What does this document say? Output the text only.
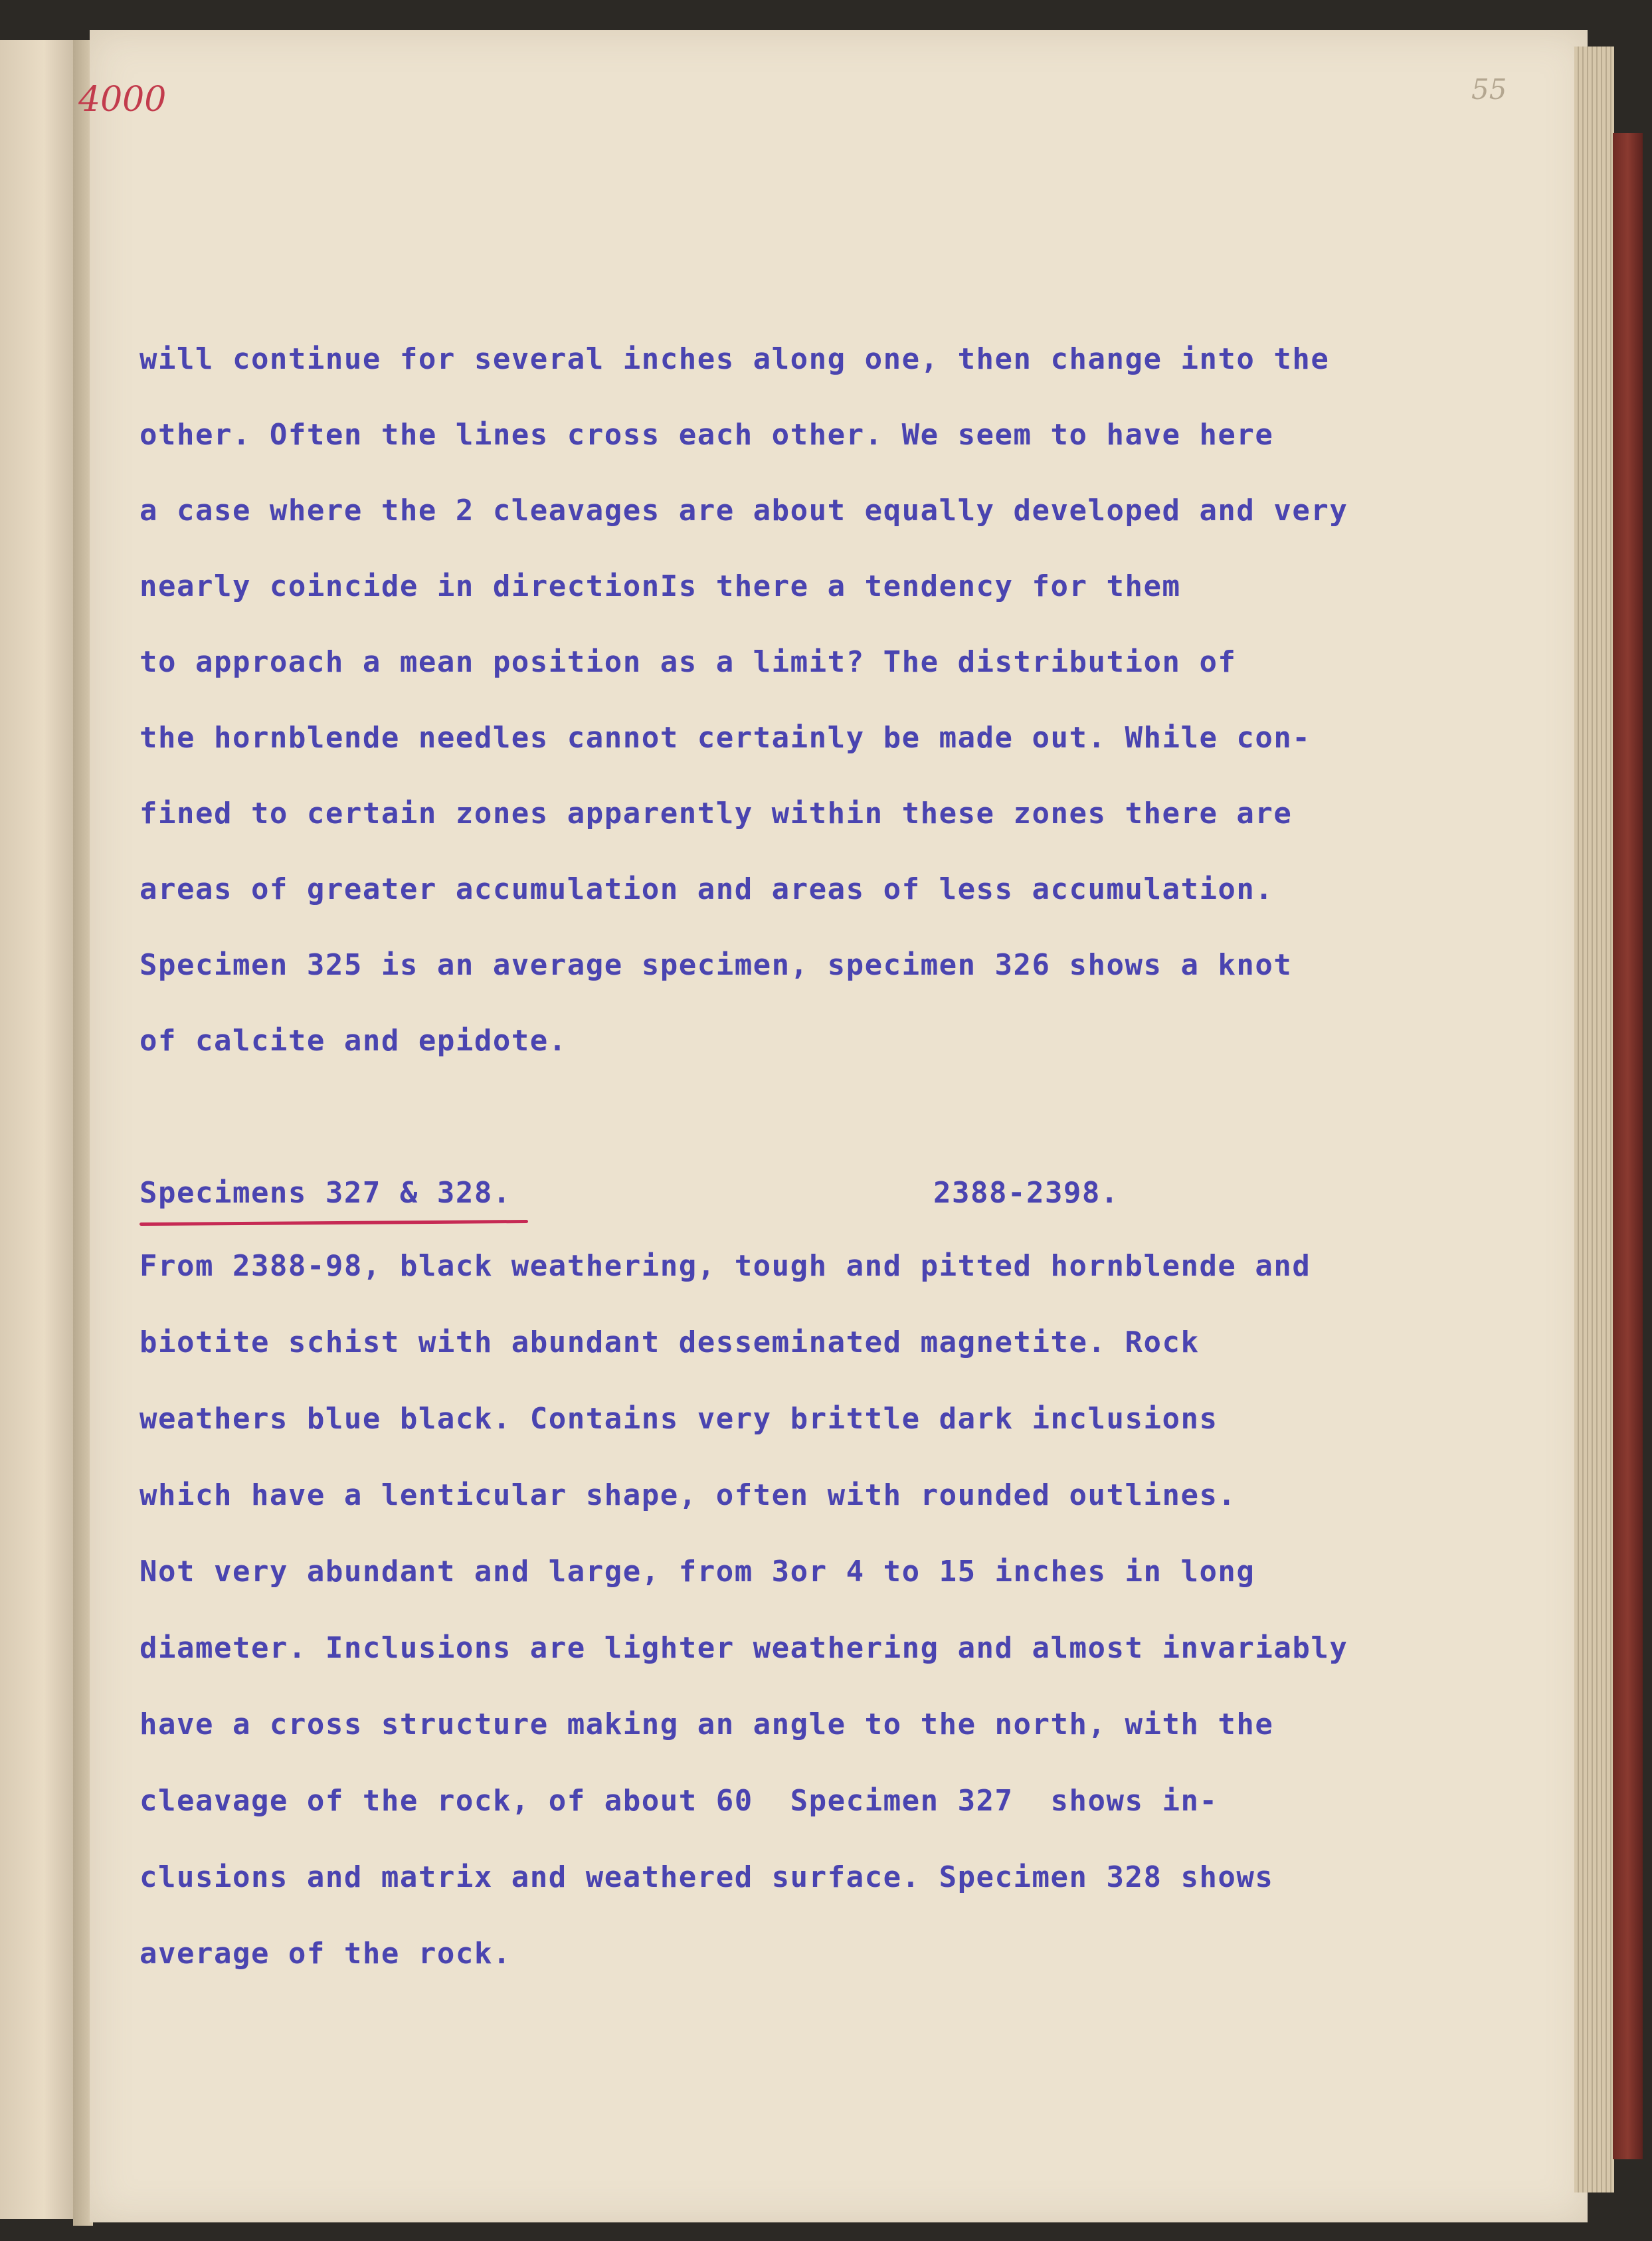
4000	55
will continue for several inches along one, then change into the
other. Often the lines cross each other. We seem to have here
a case where the 2 cleavages are about equally developed and very
nearly coincide in directionIs there a tendency for them
to approach a mean position as a limit? The distribution of
the hornblende needles cannot certainly be made out. While con-
fined to certain zones apparently within these zones there are
areas of greater accumulation and areas of less accumulation.
Specimen 325 is an average specimen, specimen 326 shows a knot
of calcite and epidote.
Specimens 327 & 328.	2388-2398.
From 2388-98, black weathering, tough and pitted hornblende and
biotite schist with abundant desseminated magnetite. Rock
weathers blue black. Contains very brittle dark inclusions
which have a lenticular shape, often with rounded outlines.
Not very abundant and large, from 3or 4 to 15 inches in long
diameter. Inclusions are lighter weathering and almost invariably
have a cross structure making an angle to the north, with the
cleavage of the rock, of about 60  Specimen 327  shows in-
clusions and matrix and weathered surface. Specimen 328 shows
average of the rock.
